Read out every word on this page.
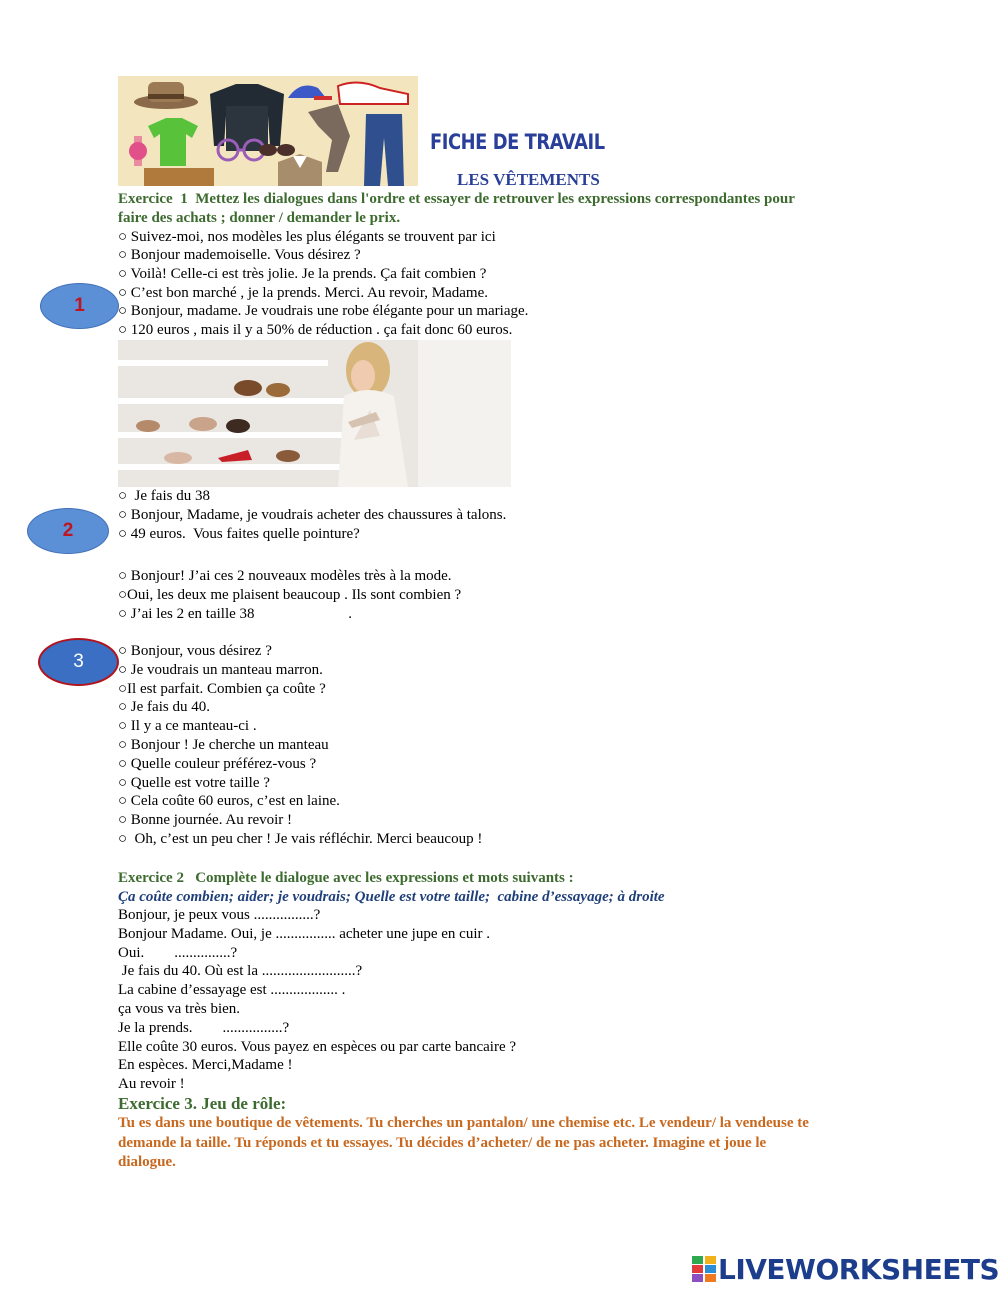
FICHE DE TRAVAIL
LES VÊTEMENTS
Exercice  1  Mettez les dialogues dans l'ordre et essayer de retrouver les expressions correspondantes pour
faire des achats ; donner / demander le prix.
1
○ Suivez-moi, nos modèles les plus élégants se trouvent par ici
○ Bonjour mademoiselle. Vous désirez ?
○ Voilà! Celle-ci est très jolie. Je la prends. Ça fait combien ?
○ C’est bon marché , je la prends. Merci. Au revoir, Madame.
○ Bonjour, madame. Je voudrais une robe élégante pour un mariage.
○ 120 euros , mais il y a 50% de réduction . ça fait donc 60 euros.
2
○  Je fais du 38
○ Bonjour, Madame, je voudrais acheter des chaussures à talons.
○ 49 euros.  Vous faites quelle pointure?
○ Bonjour! J’ai ces 2 nouveaux modèles très à la mode.
○Oui, les deux me plaisent beaucoup . Ils sont combien ?
○ J’ai les 2 en taille 38                         .
3	○ Bonjour, vous désirez ?
○ Je voudrais un manteau marron.
○Il est parfait. Combien ça coûte ?
○ Je fais du 40.
○ Il y a ce manteau-ci .
○ Bonjour ! Je cherche un manteau
○ Quelle couleur préférez-vous ?
○ Quelle est votre taille ?
○ Cela coûte 60 euros, c’est en laine.
○ Bonne journée. Au revoir !
○  Oh, c’est un peu cher ! Je vais réfléchir. Merci beaucoup !
Exercice 2   Complète le dialogue avec les expressions et mots suivants :
Ça coûte combien; aider; je voudrais; Quelle est votre taille;  cabine d’essayage; à droite
Bonjour, je peux vous ................?
Bonjour Madame. Oui, je ................ acheter une jupe en cuir .
Oui.        ...............?
Je fais du 40. Où est la .........................?
La cabine d’essayage est .................. .
ça vous va très bien.
Je la prends.        ................?
Elle coûte 30 euros. Vous payez en espèces ou par carte bancaire ?
En espèces. Merci,Madame !
Au revoir !
Exercice 3. Jeu de rôle:
Tu es dans une boutique de vêtements. Tu cherches un pantalon/ une chemise etc. Le vendeur/ la vendeuse te
demande la taille. Tu réponds et tu essayes. Tu décides d’acheter/ de ne pas acheter. Imagine et joue le
dialogue.
LIVEWORKSHEETS
